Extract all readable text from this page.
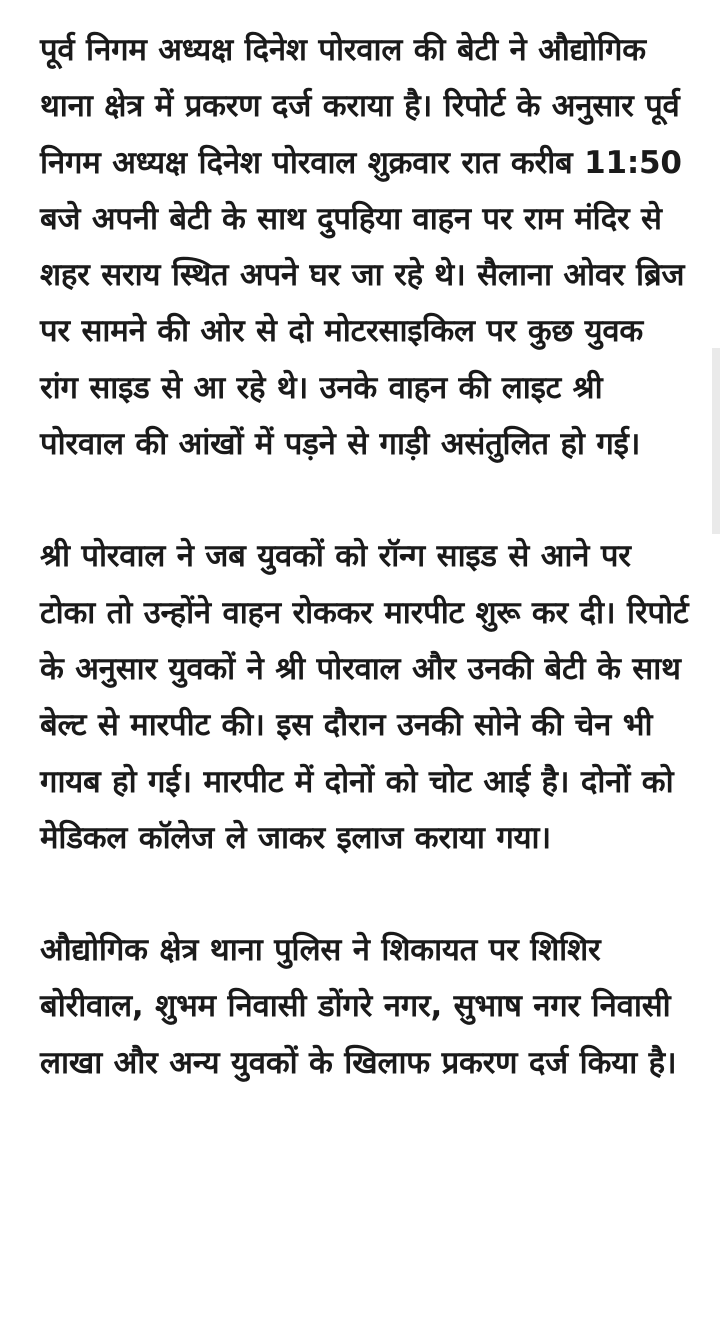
पूर्व निगम अध्यक्ष दिनेश पोरवाल की बेटी ने औद्योगिक थाना क्षेत्र में प्रकरण दर्ज कराया है। रिपोर्ट के अनुसार पूर्व निगम अध्यक्ष दिनेश पोरवाल शुक्रवार रात करीब 11:50 बजे अपनी बेटी के साथ दुपहिया वाहन पर राम मंदिर से शहर सराय स्थित अपने घर जा रहे थे। सैलाना ओवर ब्रिज पर सामने की ओर से दो मोटरसाइकिल पर कुछ युवक रांग साइड से आ रहे थे। उनके वाहन की लाइट श्री पोरवाल की आंखों में पड़ने से गाड़ी असंतुलित हो गई।

श्री पोरवाल ने जब युवकों को रॉन्ग साइड से आने पर टोका तो उन्होंने वाहन रोककर मारपीट शुरू कर दी। रिपोर्ट के अनुसार युवकों ने श्री पोरवाल और उनकी बेटी के साथ बेल्ट से मारपीट की। इस दौरान उनकी सोने की चेन भी गायब हो गई। मारपीट में दोनों को चोट आई है। दोनों को मेडिकल कॉलेज ले जाकर इलाज कराया गया।

औद्योगिक क्षेत्र थाना पुलिस ने शिकायत पर शिशिर बोरीवाल, शुभम निवासी डोंगरे नगर, सुभाष नगर निवासी लाखा और अन्य युवकों के खिलाफ प्रकरण दर्ज किया है।
